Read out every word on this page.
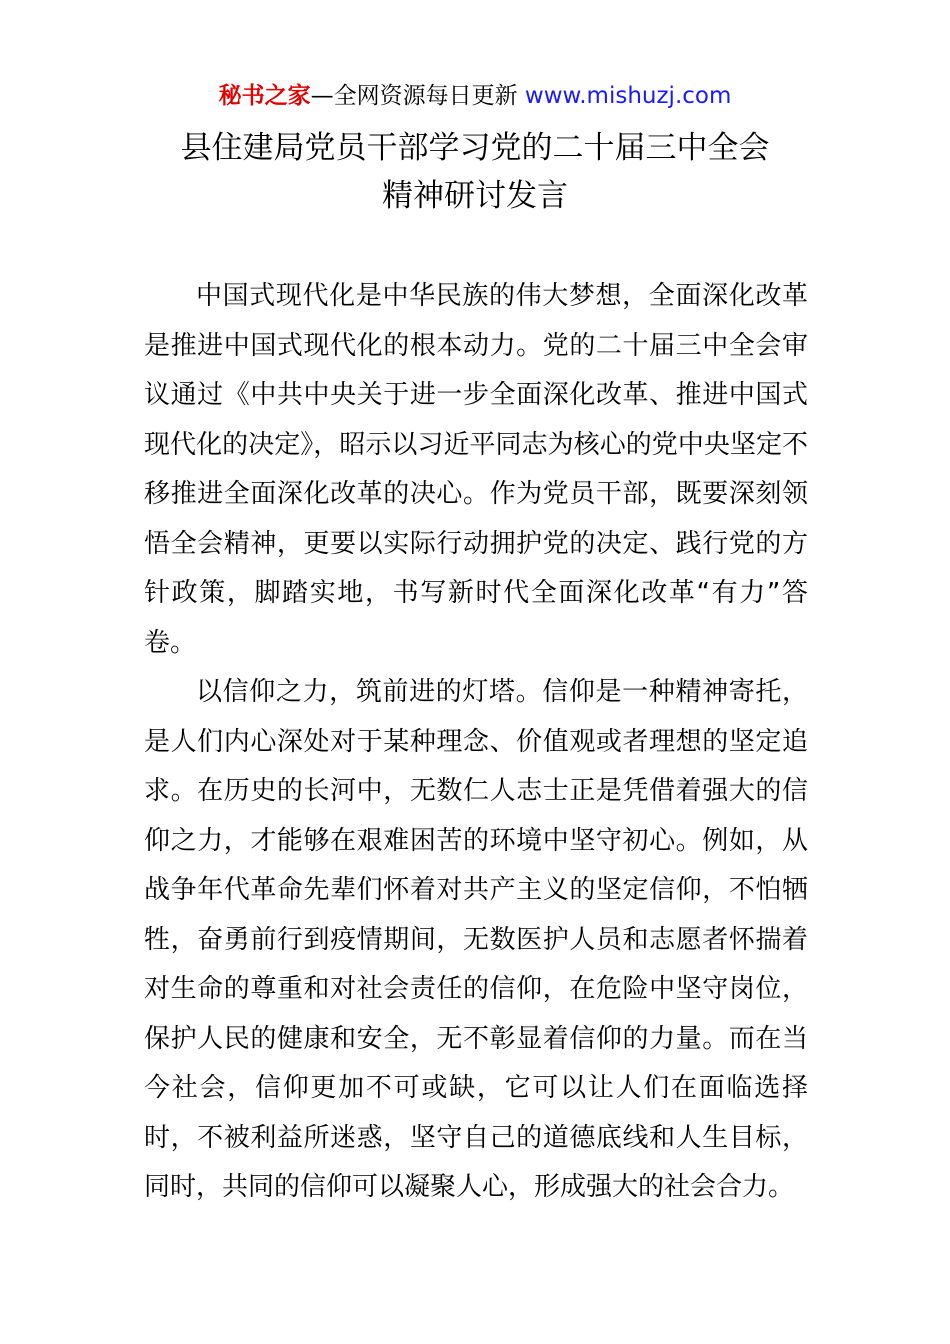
秘书之家—全网资源每日更新 www.mishuzj.com
县住建局党员干部学习党的二十届三中全会
精神研讨发言

中国式现代化是中华民族的伟大梦想，全面深化改革是推进中国式现代化的根本动力。党的二十届三中全会审议通过《中共中央关于进一步全面深化改革、推进中国式现代化的决定》，昭示以习近平同志为核心的党中央坚定不移推进全面深化改革的决心。作为党员干部，既要深刻领悟全会精神，更要以实际行动拥护党的决定、践行党的方针政策，脚踏实地，书写新时代全面深化改革“有力”答卷。

以信仰之力，筑前进的灯塔。信仰是一种精神寄托，是人们内心深处对于某种理念、价值观或者理想的坚定追求。在历史的长河中，无数仁人志士正是凭借着强大的信仰之力，才能够在艰难困苦的环境中坚守初心。例如，从战争年代革命先辈们怀着对共产主义的坚定信仰，不怕牺牲，奋勇前行到疫情期间，无数医护人员和志愿者怀揣着对生命的尊重和对社会责任的信仰，在危险中坚守岗位，保护人民的健康和安全，无不彰显着信仰的力量。而在当今社会，信仰更加不可或缺，它可以让人们在面临选择时，不被利益所迷惑，坚守自己的道德底线和人生目标，同时，共同的信仰可以凝聚人心，形成强大的社会合力。
